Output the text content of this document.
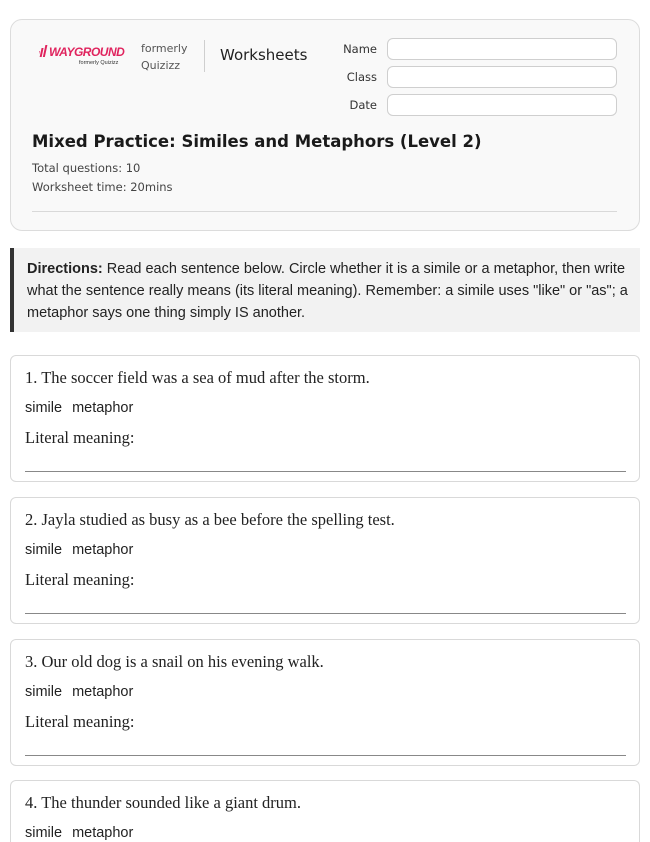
WAYGROUND
formerly Quizizz
formerly
Quizizz
Worksheets	Name
Class
Date
Mixed Practice: Similes and Metaphors (Level 2)
Total questions: 10
Worksheet time: 20mins
Directions: Read each sentence below. Circle whether it is a simile or a metaphor, then write what the sentence really means (its literal meaning). Remember: a simile uses "like" or "as"; a metaphor says one thing simply IS another.
1. The soccer field was a sea of mud after the storm.
simile metaphor
Literal meaning:
2. Jayla studied as busy as a bee before the spelling test.
simile metaphor
Literal meaning:
3. Our old dog is a snail on his evening walk.
simile metaphor
Literal meaning:
4. The thunder sounded like a giant drum.
simile metaphor
